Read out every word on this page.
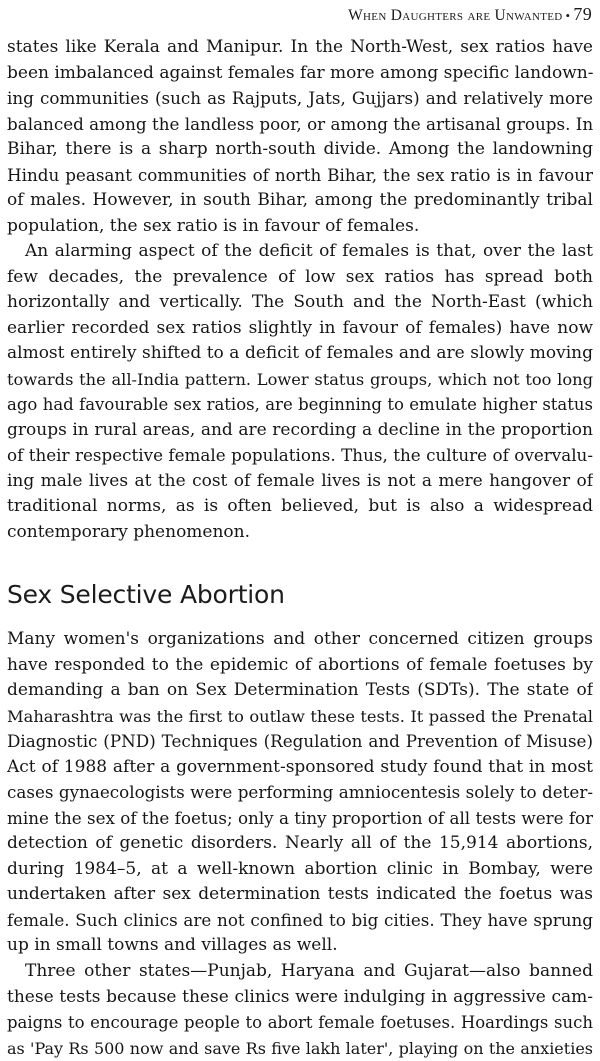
When Daughters are Unwanted • 79
states like Kerala and Manipur. In the North-West, sex ratios have
been imbalanced against females far more among specific landown-
ing communities (such as Rajputs, Jats, Gujjars) and relatively more
balanced among the landless poor, or among the artisanal groups. In
Bihar, there is a sharp north-south divide. Among the landowning
Hindu peasant communities of north Bihar, the sex ratio is in favour
of males. However, in south Bihar, among the predominantly tribal
population, the sex ratio is in favour of females.
An alarming aspect of the deficit of females is that, over the last
few decades, the prevalence of low sex ratios has spread both
horizontally and vertically. The South and the North-East (which
earlier recorded sex ratios slightly in favour of females) have now
almost entirely shifted to a deficit of females and are slowly moving
towards the all-India pattern. Lower status groups, which not too long
ago had favourable sex ratios, are beginning to emulate higher status
groups in rural areas, and are recording a decline in the proportion
of their respective female populations. Thus, the culture of overvalu-
ing male lives at the cost of female lives is not a mere hangover of
traditional norms, as is often believed, but is also a widespread
contemporary phenomenon.
Sex Selective Abortion
Many women's organizations and other concerned citizen groups
have responded to the epidemic of abortions of female foetuses by
demanding a ban on Sex Determination Tests (SDTs). The state of
Maharashtra was the first to outlaw these tests. It passed the Prenatal
Diagnostic (PND) Techniques (Regulation and Prevention of Misuse)
Act of 1988 after a government-sponsored study found that in most
cases gynaecologists were performing amniocentesis solely to deter-
mine the sex of the foetus; only a tiny proportion of all tests were for
detection of genetic disorders. Nearly all of the 15,914 abortions,
during 1984–5, at a well-known abortion clinic in Bombay, were
undertaken after sex determination tests indicated the foetus was
female. Such clinics are not confined to big cities. They have sprung
up in small towns and villages as well.
Three other states—Punjab, Haryana and Gujarat—also banned
these tests because these clinics were indulging in aggressive cam-
paigns to encourage people to abort female foetuses. Hoardings such
as 'Pay Rs 500 now and save Rs five lakh later', playing on the anxieties
